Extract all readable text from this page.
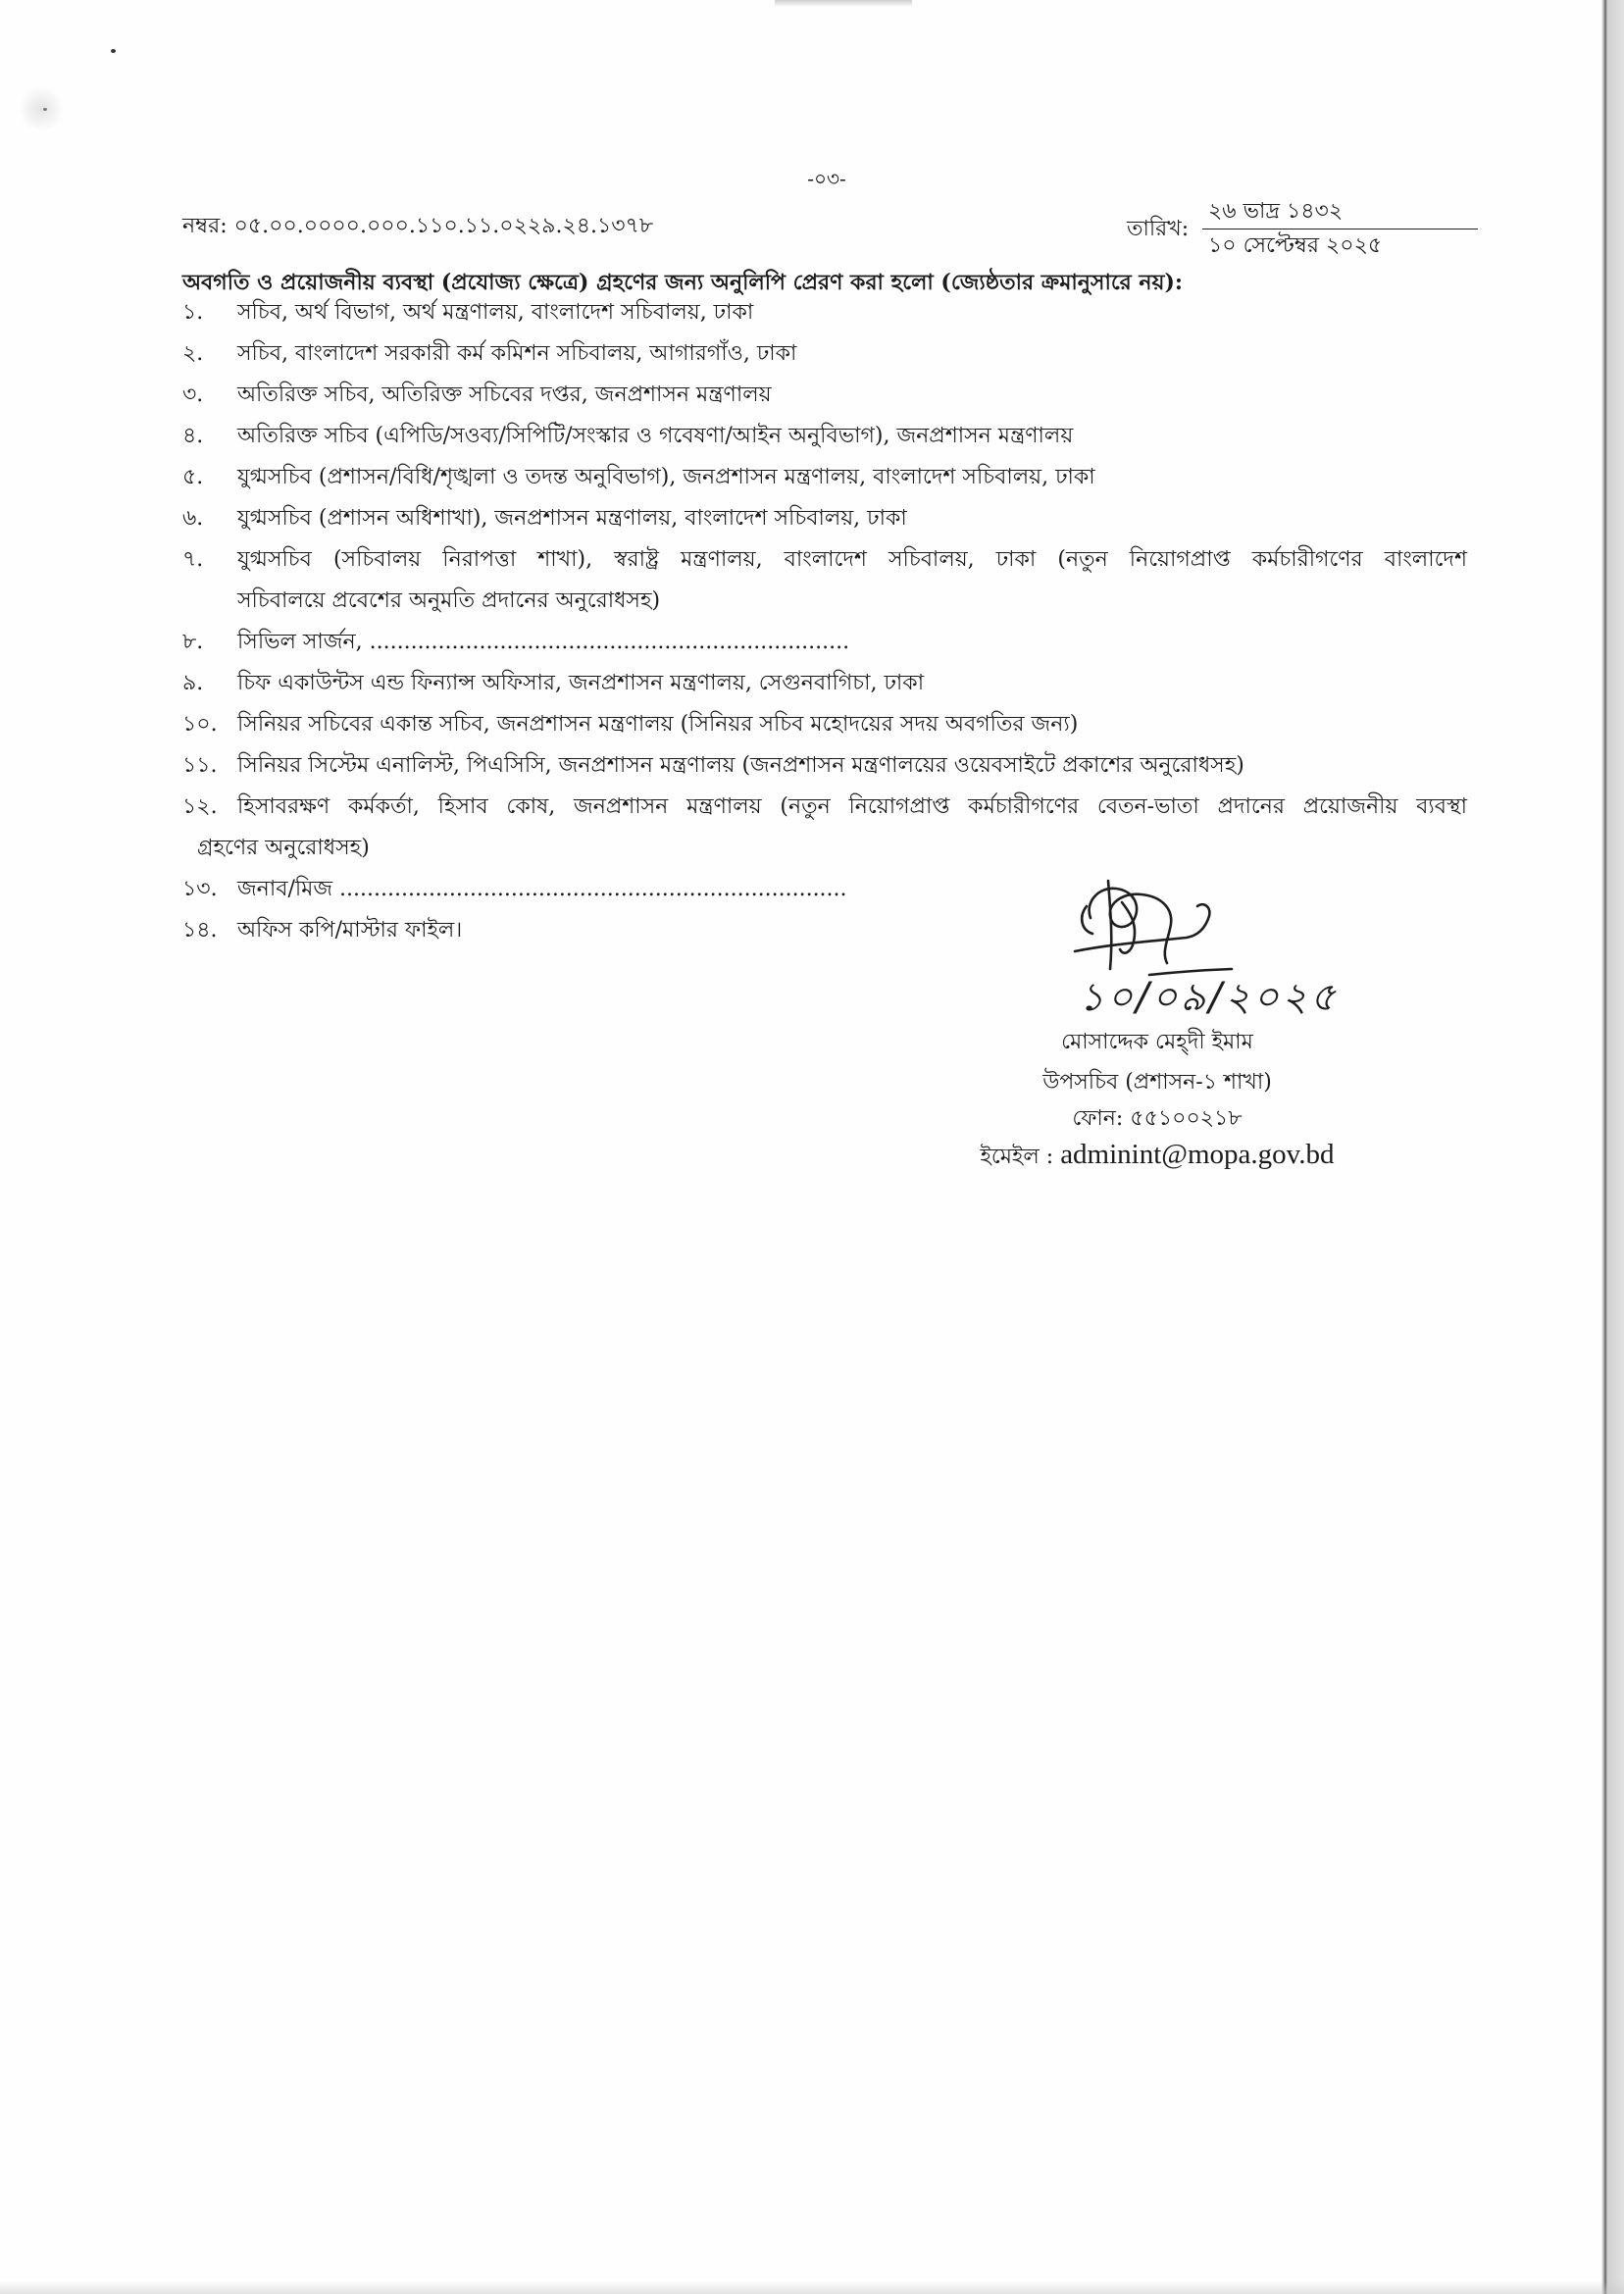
-০৩-
নম্বর: ০৫.০০.০০০০.০০০.১১০.১১.০২২৯.২৪.১৩৭৮	তারিখ:
২৬ ভাদ্র ১৪৩২
১০ সেপ্টেম্বর ২০২৫
অবগতি ও প্রয়োজনীয় ব্যবস্থা (প্রযোজ্য ক্ষেত্রে) গ্রহণের জন্য অনুলিপি প্রেরণ করা হলো (জ্যেষ্ঠতার ক্রমানুসারে নয়):
১.	সচিব, অর্থ বিভাগ, অর্থ মন্ত্রণালয়, বাংলাদেশ সচিবালয়, ঢাকা
২.	সচিব, বাংলাদেশ সরকারী কর্ম কমিশন সচিবালয়, আগারগাঁও, ঢাকা
৩.	অতিরিক্ত সচিব, অতিরিক্ত সচিবের দপ্তর, জনপ্রশাসন মন্ত্রণালয়
৪.	অতিরিক্ত সচিব (এপিডি/সওব্য/সিপিটি/সংস্কার ও গবেষণা/আইন অনুবিভাগ), জনপ্রশাসন মন্ত্রণালয়
৫.	যুগ্মসচিব (প্রশাসন/বিধি/শৃঙ্খলা ও তদন্ত অনুবিভাগ), জনপ্রশাসন মন্ত্রণালয়, বাংলাদেশ সচিবালয়, ঢাকা
৬.	যুগ্মসচিব (প্রশাসন অধিশাখা), জনপ্রশাসন মন্ত্রণালয়, বাংলাদেশ সচিবালয়, ঢাকা
৭.	যুগ্মসচিব (সচিবালয় নিরাপত্তা শাখা), স্বরাষ্ট্র মন্ত্রণালয়, বাংলাদেশ সচিবালয়, ঢাকা (নতুন নিয়োগপ্রাপ্ত কর্মচারীগণের বাংলাদেশ
সচিবালয়ে প্রবেশের অনুমতি প্রদানের অনুরোধসহ)
৮.	সিভিল সার্জন, ......................................................................
৯.	চিফ একাউন্টস এন্ড ফিন্যান্স অফিসার, জনপ্রশাসন মন্ত্রণালয়, সেগুনবাগিচা, ঢাকা
১০. সিনিয়র সচিবের একান্ত সচিব, জনপ্রশাসন মন্ত্রণালয় (সিনিয়র সচিব মহোদয়ের সদয় অবগতির জন্য)
১১. সিনিয়র সিস্টেম এনালিস্ট, পিএসিসি, জনপ্রশাসন মন্ত্রণালয় (জনপ্রশাসন মন্ত্রণালয়ের ওয়েবসাইটে প্রকাশের অনুরোধসহ)
১২. হিসাবরক্ষণ কর্মকর্তা, হিসাব কোষ, জনপ্রশাসন মন্ত্রণালয় (নতুন নিয়োগপ্রাপ্ত কর্মচারীগণের বেতন-ভাতা প্রদানের প্রয়োজনীয় ব্যবস্থা
গ্রহণের অনুরোধসহ)
১৩. জনাব/মিজ ..........................................................................
১৪. অফিস কপি/মাস্টার ফাইল।
১০/০৯/২০২৫
মোসাদ্দেক মেহ্‌দী ইমাম
উপসচিব (প্রশাসন-১ শাখা)
ফোন: ৫৫১০০২১৮
ইমেইল : adminint@mopa.gov.bd
